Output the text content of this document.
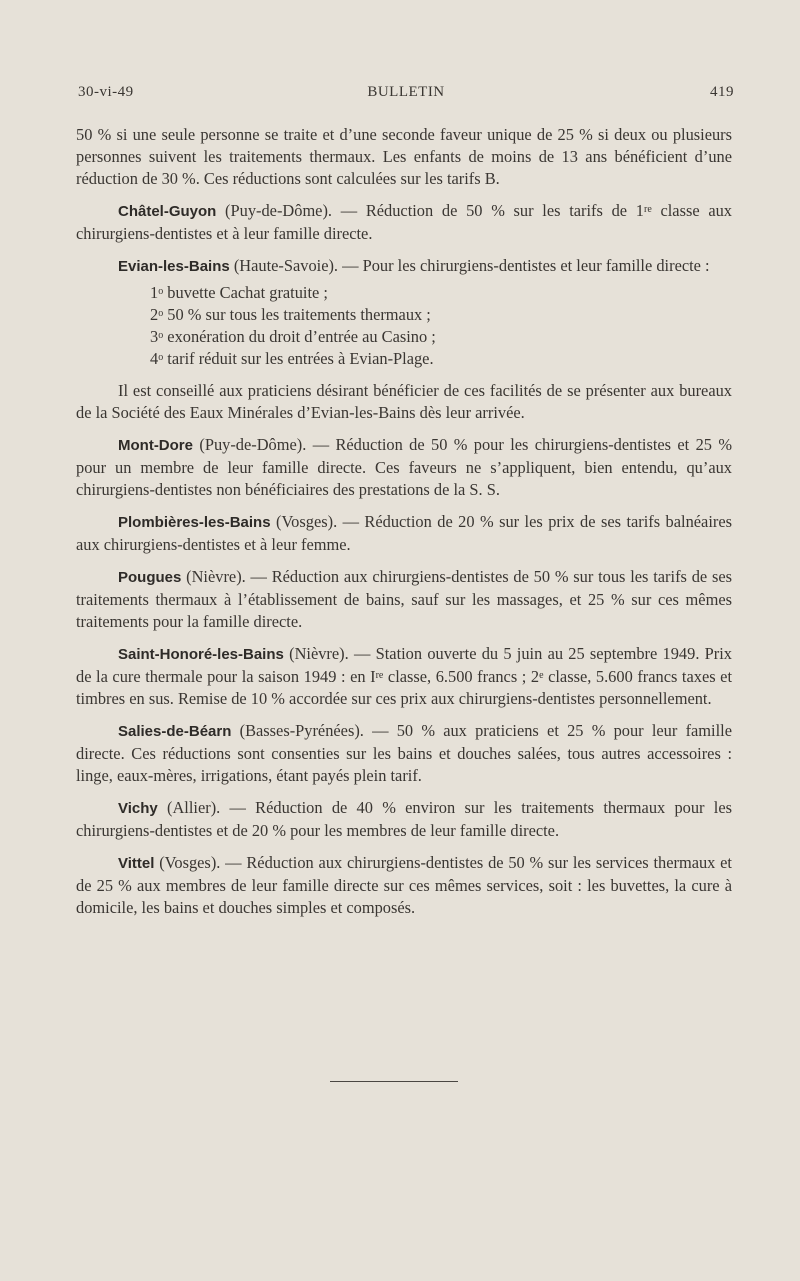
30-vi-49	BULLETIN	419

50 % si une seule personne se traite et d’une seconde faveur unique de 25 % si deux ou plusieurs personnes suivent les traitements thermaux. Les enfants de moins de 13 ans bénéficient d’une réduction de 30 %. Ces réductions sont calculées sur les tarifs B.

Châtel-Guyon (Puy-de-Dôme). — Réduction de 50 % sur les tarifs de 1re classe aux chirurgiens-dentistes et à leur famille directe.

Evian-les-Bains (Haute-Savoie). — Pour les chirurgiens-dentistes et leur famille directe :

1$^o$ buvette Cachat gratuite ;
2$^o$ 50 % sur tous les traitements thermaux ;
3$^o$ exonération du droit d’entrée au Casino ;
4$^o$ tarif réduit sur les entrées à Evian-Plage.

Il est conseillé aux praticiens désirant bénéficier de ces facilités de se présenter aux bureaux de la Société des Eaux Minérales d’Evian-les-Bains dès leur arrivée.

Mont-Dore (Puy-de-Dôme). — Réduction de 50 % pour les chirurgiens-dentistes et 25 % pour un membre de leur famille directe. Ces faveurs ne s’appliquent, bien entendu, qu’aux chirurgiens-dentistes non bénéficiaires des prestations de la S. S.

Plombières-les-Bains (Vosges). — Réduction de 20 % sur les prix de ses tarifs balnéaires aux chirurgiens-dentistes et à leur femme.

Pougues (Nièvre). — Réduction aux chirurgiens-dentistes de 50 % sur tous les tarifs de ses traitements thermaux à l’établissement de bains, sauf sur les massages, et 25 % sur ces mêmes traitements pour la famille directe.

Saint-Honoré-les-Bains (Nièvre). — Station ouverte du 5 juin au 25 septembre 1949. Prix de la cure thermale pour la saison 1949 : en Ire classe, 6.500 francs ; 2e classe, 5.600 francs taxes et timbres en sus. Remise de 10 % accordée sur ces prix aux chirurgiens-dentistes personnellement.

Salies-de-Béarn (Basses-Pyrénées). — 50 % aux praticiens et 25 % pour leur famille directe. Ces réductions sont consenties sur les bains et douches salées, tous autres accessoires : linge, eaux-mères, irrigations, étant payés plein tarif.

Vichy (Allier). — Réduction de 40 % environ sur les traitements thermaux pour les chirurgiens-dentistes et de 20 % pour les membres de leur famille directe.

Vittel (Vosges). — Réduction aux chirurgiens-dentistes de 50 % sur les services thermaux et de 25 % aux membres de leur famille directe sur ces mêmes services, soit : les buvettes, la cure à domicile, les bains et douches simples et composés.
